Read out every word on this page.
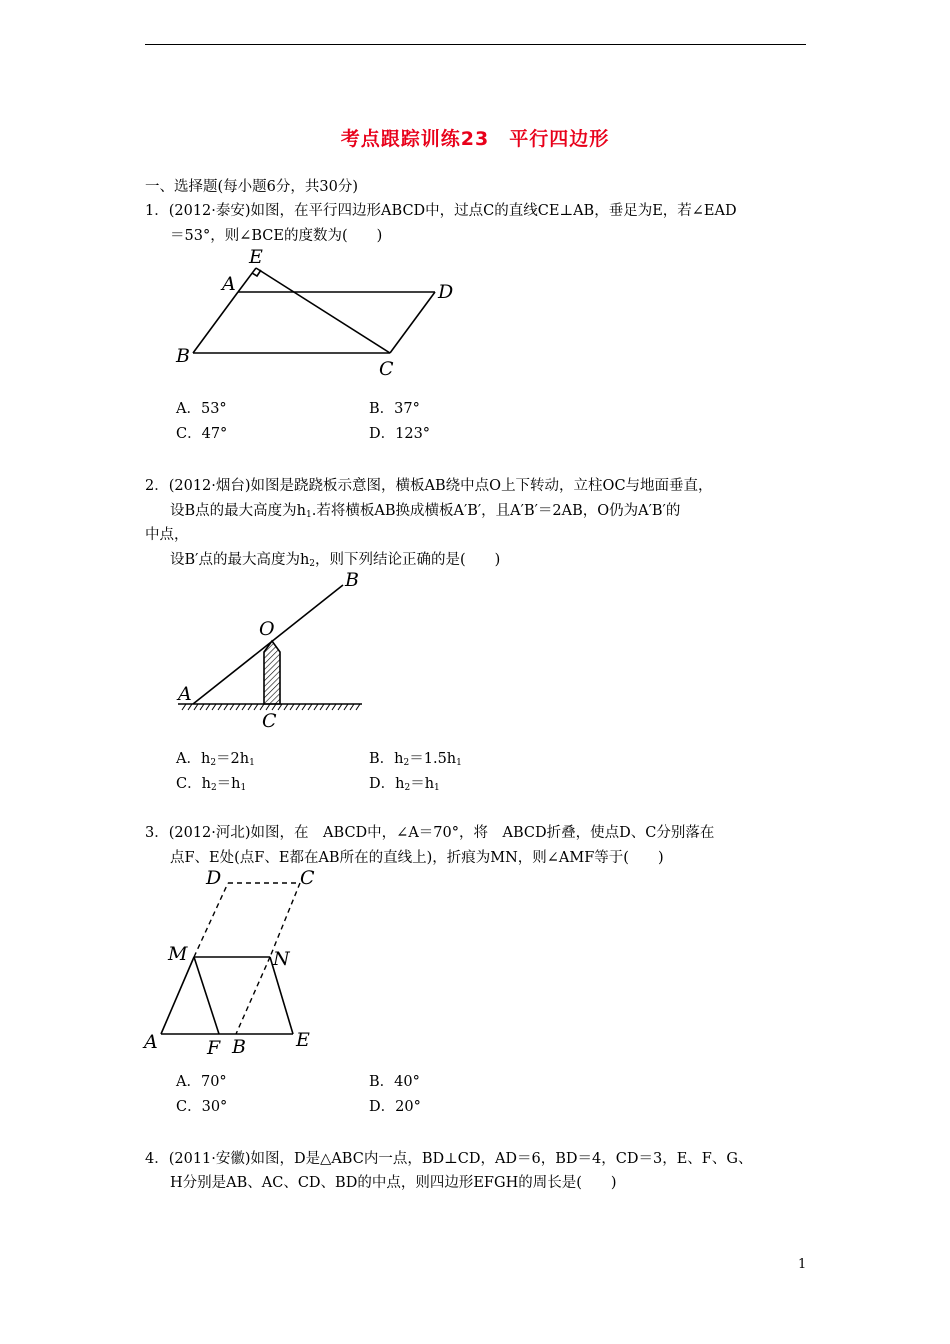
考点跟踪训练23　平行四边形
一、选择题(每小题6分，共30分)
1．(2012·泰安)如图，在平行四边形ABCD中，过点C的直线CE⊥AB，垂足为E，若∠EAD
＝53°，则∠BCE的度数为(　　)
E
A	D
B
C
A．53°	B．37°
C．47°	D．123°
2．(2012·烟台)如图是跷跷板示意图，横板AB绕中点O上下转动，立柱OC与地面垂直，
设B点的最大高度为$h_1$.若将横板AB换成横板A′B′，且A′B′＝2AB，O仍为A′B′的
中点，
设B′点的最大高度为$h_2$，则下列结论正确的是(　　)
B
O
A
C
A．$h_2=2h_1$	B．$h_2=1.5h_1$
C．$h_2=h_1$	D．$h_2=h_1$
3．(2012·河北)如图，在　ABCD中，∠A＝70°，将　ABCD折叠，使点D、C分别落在
点F、E处(点F、E都在AB所在的直线上)，折痕为MN，则∠AMF等于(　　)
D	C
M	N
A	F B	E
A．70°	B．40°
C．30°	D．20°
4．(2011·安徽)如图，D是△ABC内一点，BD⊥CD，AD＝6，BD＝4，CD＝3，E、F、G、
H分别是AB、AC、CD、BD的中点，则四边形EFGH的周长是(　　)
1
